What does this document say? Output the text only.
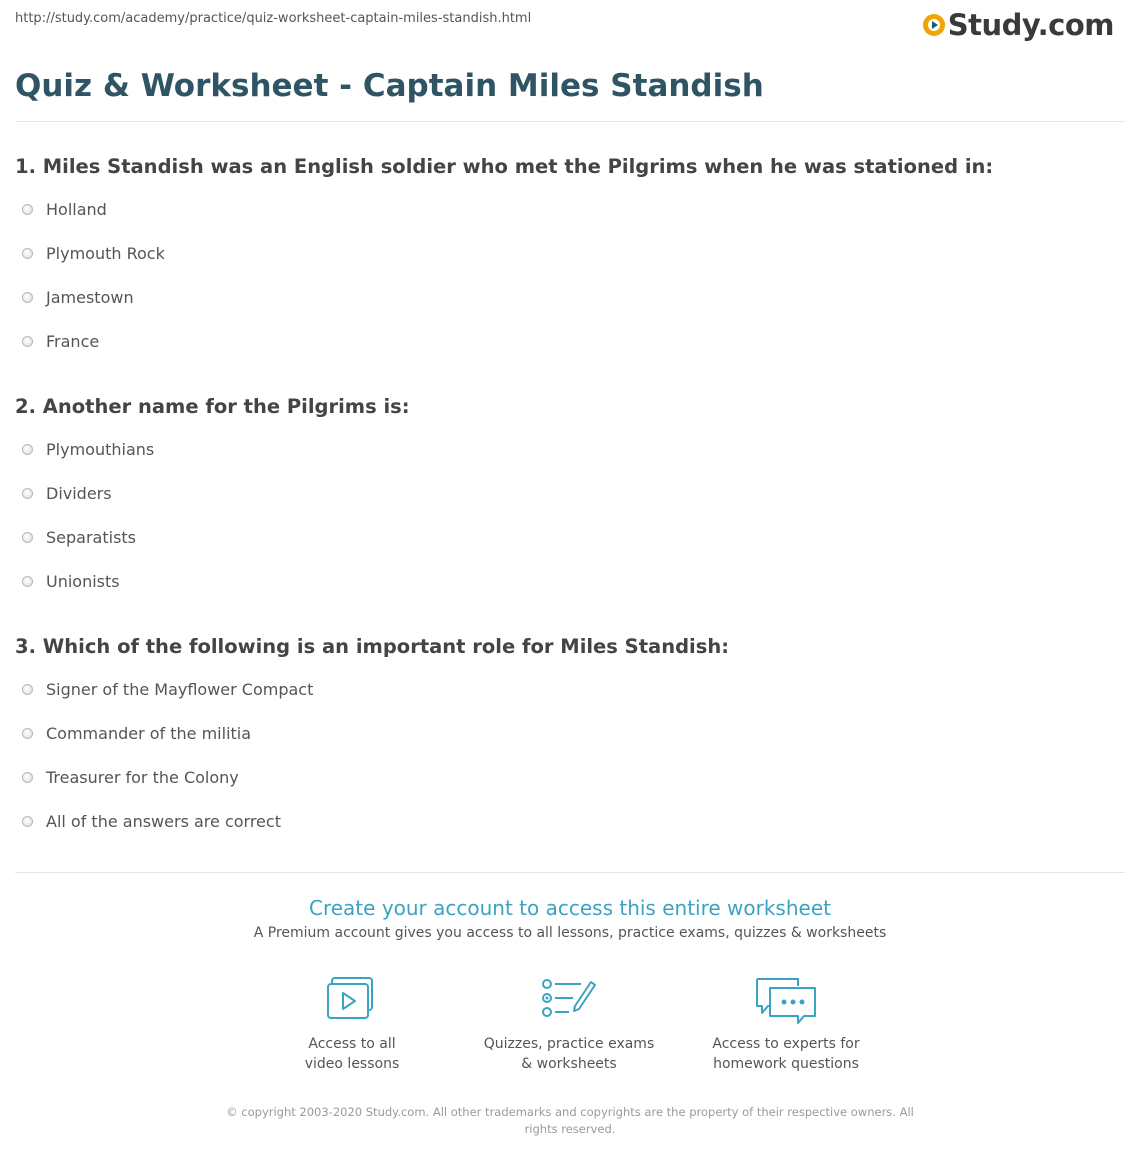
http://study.com/academy/practice/quiz-worksheet-captain-miles-standish.html	Study.com
Quiz & Worksheet - Captain Miles Standish
1. Miles Standish was an English soldier who met the Pilgrims when he was stationed in:
Holland
Plymouth Rock
Jamestown
France
2. Another name for the Pilgrims is:
Plymouthians
Dividers
Separatists
Unionists
3. Which of the following is an important role for Miles Standish:
Signer of the Mayflower Compact
Commander of the militia
Treasurer for the Colony
All of the answers are correct
Create your account to access this entire worksheet
A Premium account gives you access to all lessons, practice exams, quizzes & worksheets
Access to all
video lessons
Quizzes, practice exams
& worksheets
Access to experts for
homework questions
© copyright 2003-2020 Study.com. All other trademarks and copyrights are the property of their respective owners. All rights reserved.
